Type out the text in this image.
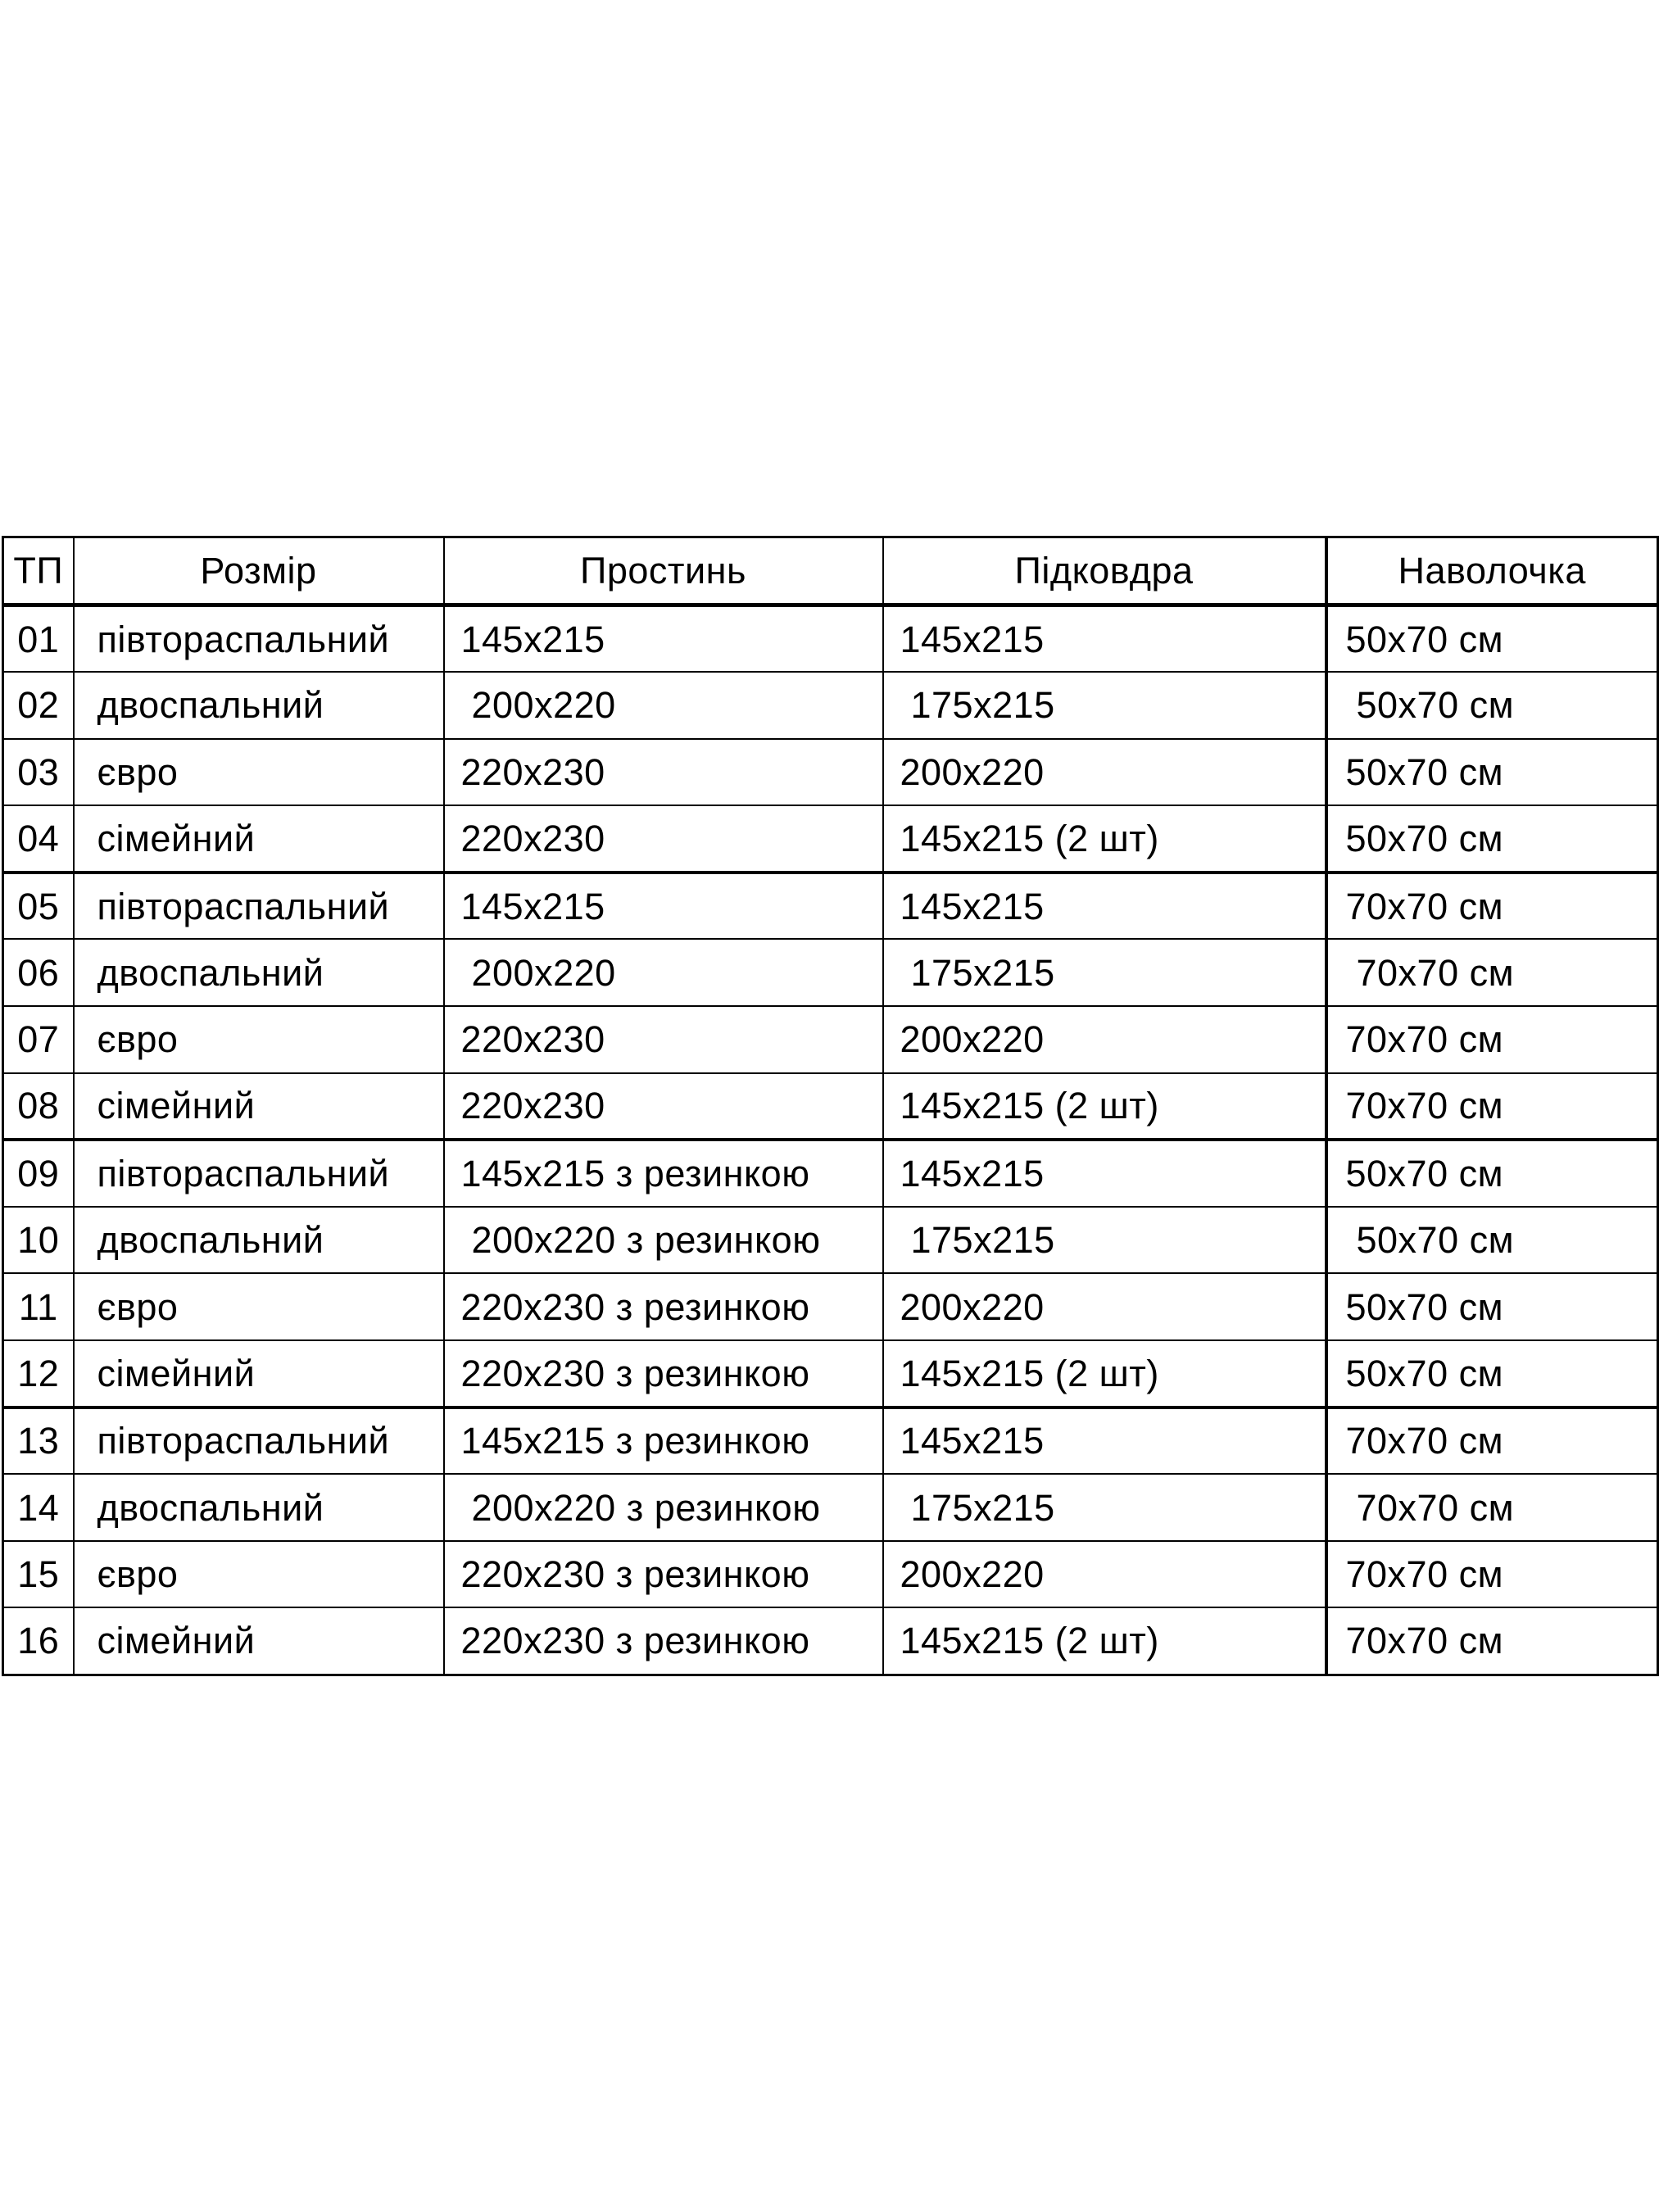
ТП	Розмір	Простинь	Підковдра	Наволочка
01	півтораспальний	145х215	145х215	50х70 см
02	двоспальний	200х220	175х215	50х70 см
03	євро	220х230	200х220	50х70 см
04	сімейний	220х230	145х215 (2 шт)	50х70 см
05	півтораспальний	145х215	145х215	70х70 см
06	двоспальний	200х220	175х215	70х70 см
07	євро	220х230	200х220	70х70 см
08	сімейний	220х230	145х215 (2 шт)	70х70 см
09	півтораспальний	145х215 з резинкою	145х215	50х70 см
10	двоспальний	200х220 з резинкою	175х215	50х70 см
11	євро	220х230 з резинкою	200х220	50х70 см
12	сімейний	220х230 з резинкою	145х215 (2 шт)	50х70 см
13	півтораспальний	145х215 з резинкою	145х215	70х70 см
14	двоспальний	200х220 з резинкою	175х215	70х70 см
15	євро	220х230 з резинкою	200х220	70х70 см
16	сімейний	220х230 з резинкою	145х215 (2 шт)	70х70 см
